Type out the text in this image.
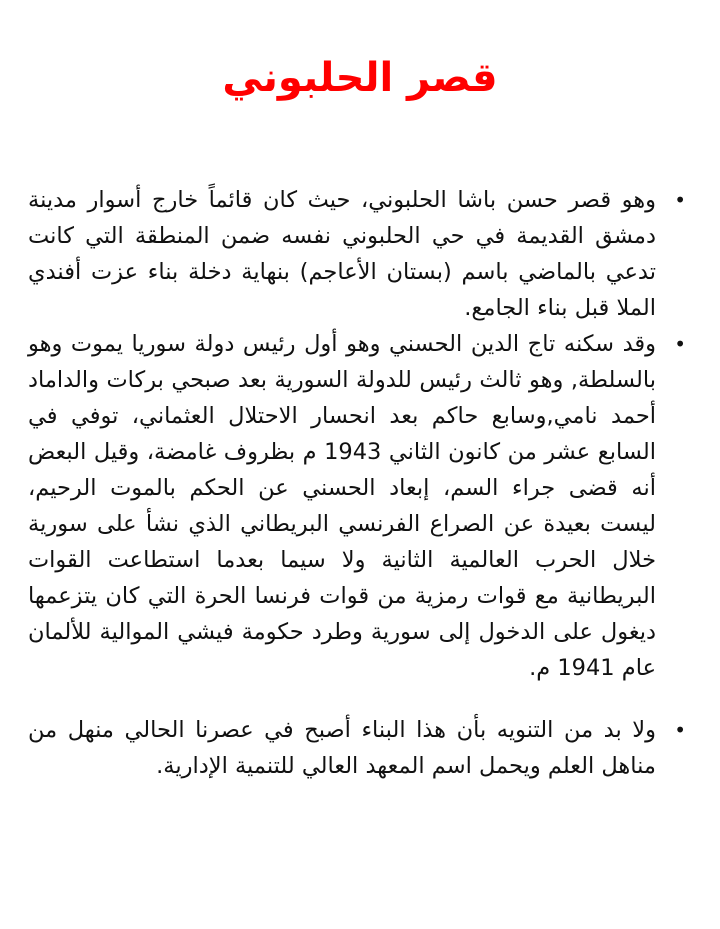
قصر الحلبوني
•
وهو قصر حسن باشا الحلبوني، حيث كان قائماً خارج أسوار مدينة دمشق القديمة في حي الحلبوني نفسه ضمن المنطقة التي كانت تدعي بالماضي باسم (بستان الأعاجم) بنهاية دخلة بناء عزت أفندي الملا قبل بناء الجامع.
•
وقد سكنه تاج الدين الحسني وهو أول رئيس دولة سوريا يموت وهو بالسلطة, وهو ثالث رئيس للدولة السورية بعد صبحي بركات والداماد أحمد نامي,وسابع حاكم بعد انحسار الاحتلال العثماني، توفي في السابع عشر من كانون الثاني 1943 م بظروف غامضة، وقيل البعض أنه قضى جراء السم، إبعاد الحسني عن الحكم بالموت الرحيم، ليست بعيدة عن الصراع الفرنسي البريطاني الذي نشأ على سورية خلال الحرب العالمية الثانية ولا سيما بعدما استطاعت القوات البريطانية مع قوات رمزية من قوات فرنسا الحرة التي كان يتزعمها ديغول على الدخول إلى سورية وطرد حكومة فيشي الموالية للألمان عام 1941 م.
•
ولا بد من التنويه بأن هذا البناء أصبح في عصرنا الحالي منهل من مناهل العلم ويحمل اسم المعهد العالي للتنمية الإدارية.
